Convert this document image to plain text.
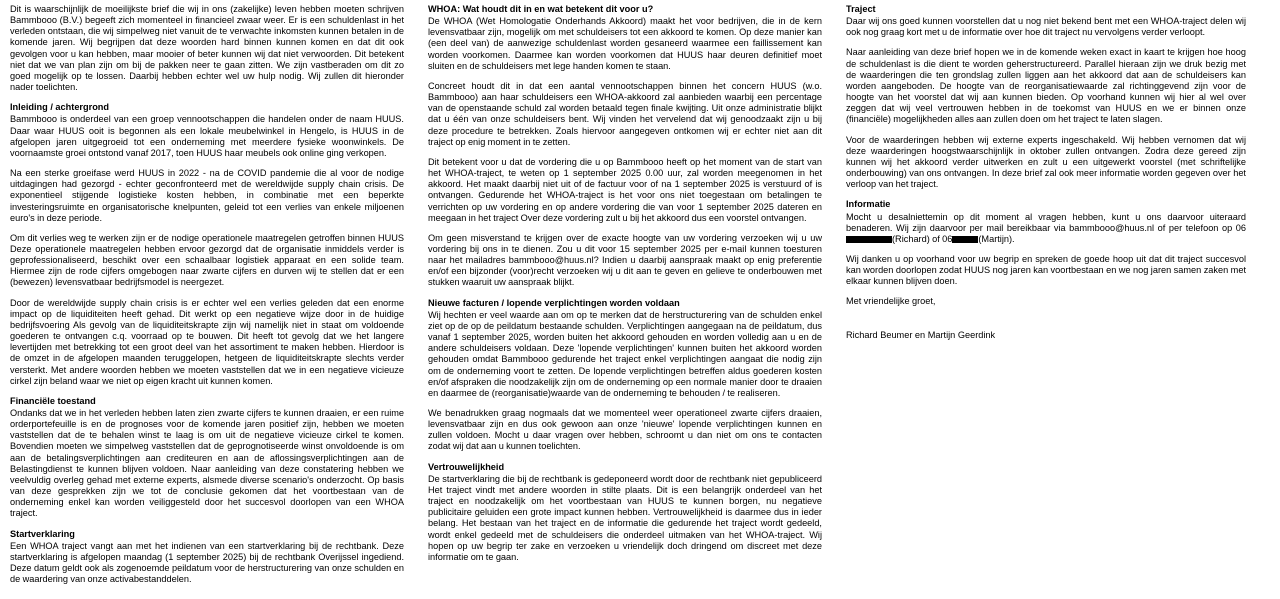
Dit is waarschijnlijk de moeilijkste brief die wij in ons (zakelijke) leven hebben moeten schrijven Bammbooo (B.V.) begeeft zich momenteel in financieel zwaar weer. Er is een schuldenlast in het verleden ontstaan, die wij simpelweg niet vanuit de te verwachte inkomsten kunnen betalen in de komende jaren. Wij begrijpen dat deze woorden hard binnen kunnen komen en dat dit ook gevolgen voor u kan hebben, maar mooier of beter kunnen wij dat niet verwoorden. Dit betekent niet dat we van plan zijn om bij de pakken neer te gaan zitten. We zijn vastberaden om dit zo goed mogelijk op te lossen. Daarbij hebben echter wel uw hulp nodig. Wij zullen dit hieronder nader toelichten.

Inleiding / achtergrond

Bammbooo is onderdeel van een groep vennootschappen die handelen onder de naam HUUS. Daar waar HUUS ooit is begonnen als een lokale meubelwinkel in Hengelo, is HUUS in de afgelopen jaren uitgegroeid tot een onderneming met meerdere fysieke woonwinkels. De voornaamste groei ontstond vanaf 2017, toen HUUS haar meubels ook online ging verkopen.

Na een sterke groeifase werd HUUS in 2022 - na de COVID pandemie die al voor de nodige uitdagingen had gezorgd - echter geconfronteerd met de wereldwijde supply chain crisis. De exponentieel stijgende logistieke kosten hebben, in combinatie met een beperkte investeringsruimte en organisatorische knelpunten, geleid tot een verlies van enkele miljoenen euro's in deze periode.

Om dit verlies weg te werken zijn er de nodige operationele maatregelen getroffen binnen HUUS Deze operationele maatregelen hebben ervoor gezorgd dat de organisatie inmiddels verder is geprofessionaliseerd, beschikt over een schaalbaar logistiek apparaat en een solide team. Hiermee zijn de rode cijfers omgebogen naar zwarte cijfers en durven wij te stellen dat er een (bewezen) levensvatbaar bedrijfsmodel is neergezet.

Door de wereldwijde supply chain crisis is er echter wel een verlies geleden dat een enorme impact op de liquiditeiten heeft gehad. Dit werkt op een negatieve wijze door in de huidige bedrijfsvoering Als gevolg van de liquiditeitskrapte zijn wij namelijk niet in staat om voldoende goederen te ontvangen c.q. voorraad op te bouwen. Dit heeft tot gevolg dat we het langere levertijden met betrekking tot een groot deel van het assortiment te maken hebben. Hierdoor is de omzet in de afgelopen maanden teruggelopen, hetgeen de liquiditeitskrapte slechts verder versterkt. Met andere woorden hebben we moeten vaststellen dat we in een negatieve vicieuze cirkel zijn beland waar we niet op eigen kracht uit kunnen komen.

Financiële toestand

Ondanks dat we in het verleden hebben laten zien zwarte cijfers te kunnen draaien, er een ruime orderportefeuille is en de prognoses voor de komende jaren positief zijn, hebben we moeten vaststellen dat de te behalen winst te laag is om uit de negatieve vicieuze cirkel te komen. Bovendien moeten we simpelweg vaststellen dat de geprognotiseerde winst onvoldoende is om aan de betalingsverplichtingen aan crediteuren en aan de aflossingsverplichtingen aan de Belastingdienst te kunnen blijven voldoen. Naar aanleiding van deze constatering hebben we veelvuldig overleg gehad met externe experts, alsmede diverse scenario's onderzocht. Op basis van deze gesprekken zijn we tot de conclusie gekomen dat het voortbestaan van de onderneming enkel kan worden veiliggesteld door het succesvol doorlopen van een WHOA traject.

Startverklaring

Een WHOA traject vangt aan met het indienen van een startverklaring bij de rechtbank. Deze startverklaring is afgelopen maandag (1 september 2025) bij de rechtbank Overijssel ingediend. Deze datum geldt ook als zogenoemde peildatum voor de herstructurering van onze schulden en de waardering van onze activabestanddelen.

WHOA: Wat houdt dit in en wat betekent dit voor u?

De WHOA (Wet Homologatie Onderhands Akkoord) maakt het voor bedrijven, die in de kern levensvatbaar zijn, mogelijk om met schuldeisers tot een akkoord te komen. Op deze manier kan (een deel van) de aanwezige schuldenlast worden gesaneerd waarmee een faillissement kan worden voorkomen. Daarmee kan worden voorkomen dat HUUS haar deuren definitief moet sluiten en de schuldeisers met lege handen komen te staan.

Concreet houdt dit in dat een aantal vennootschappen binnen het concern HUUS (w.o. Bammbooo) aan haar schuldeisers een WHOA-akkoord zal aanbieden waarbij een percentage van de openstaande schuld zal worden betaald tegen finale kwijting. Uit onze administratie blijkt dat u één van onze schuldeisers bent. Wij vinden het vervelend dat wij genoodzaakt zijn u bij deze procedure te betrekken. Zoals hiervoor aangegeven ontkomen wij er echter niet aan dit traject op enig moment in te zetten.

Dit betekent voor u dat de vordering die u op Bammbooo heeft op het moment van de start van het WHOA-traject, te weten op 1 september 2025 0.00 uur, zal worden meegenomen in het akkoord. Het maakt daarbij niet uit of de factuur voor of na 1 september 2025 is verstuurd of is ontvangen. Gedurende het WHOA-traject is het voor ons niet toegestaan om betalingen te verrichten op uw vordering en op andere vordering die van voor 1 september 2025 dateren en meegaan in het traject Over deze vordering zult u bij het akkoord dus een voorstel ontvangen.

Om geen misverstand te krijgen over de exacte hoogte van uw vordering verzoeken wij u uw vordering bij ons in te dienen. Zou u dit voor 15 september 2025 per e-mail kunnen toesturen naar het mailadres bammbooo@huus.nl? Indien u daarbij aanspraak maakt op enig preferentie en/of een bijzonder (voor)recht verzoeken wij u dit aan te geven en gelieve te onderbouwen met stukken waaruit uw aanspraak blijkt.

Nieuwe facturen / lopende verplichtingen worden voldaan

Wij hechten er veel waarde aan om op te merken dat de herstructurering van de schulden enkel ziet op de op de peildatum bestaande schulden. Verplichtingen aangegaan na de peildatum, dus vanaf 1 september 2025, worden buiten het akkoord gehouden en worden volledig aan u en de andere schuldeisers voldaan. Deze 'lopende verplichtingen' kunnen buiten het akkoord worden gehouden omdat Bammbooo gedurende het traject enkel verplichtingen aangaat die nodig zijn om de onderneming voort te zetten. De lopende verplichtingen betreffen aldus goederen kosten en/of afspraken die noodzakelijk zijn om de onderneming op een normale manier door te draaien en daarmee de (reorganisatie)waarde van de onderneming te behouden / te realiseren.

We benadrukken graag nogmaals dat we momenteel weer operationeel zwarte cijfers draaien, levensvatbaar zijn en dus ook gewoon aan onze 'nieuwe' lopende verplichtingen kunnen en zullen voldoen. Mocht u daar vragen over hebben, schroomt u dan niet om ons te contacten zodat wij dat aan u kunnen toelichten.

Vertrouwelijkheid

De startverklaring die bij de rechtbank is gedeponeerd wordt door de rechtbank niet gepubliceerd Het traject vindt met andere woorden in stilte plaats. Dit is een belangrijk onderdeel van het traject en noodzakelijk om het voortbestaan van HUUS te kunnen borgen, nu negatieve publicitaire geluiden een grote impact kunnen hebben. Vertrouwelijkheid is daarmee dus in ieder belang. Het bestaan van het traject en de informatie die gedurende het traject wordt gedeeld, wordt enkel gedeeld met de schuldeisers die onderdeel uitmaken van het WHOA-traject. Wij hopen op uw begrip ter zake en verzoeken u vriendelijk doch dringend om discreet met deze informatie om te gaan.

Traject

Daar wij ons goed kunnen voorstellen dat u nog niet bekend bent met een WHOA-traject delen wij ook nog graag kort met u de informatie over hoe dit traject nu vervolgens verder verloopt.

Naar aanleiding van deze brief hopen we in de komende weken exact in kaart te krijgen hoe hoog de schuldenlast is die dient te worden geherstructureerd. Parallel hieraan zijn we druk bezig met de waarderingen die ten grondslag zullen liggen aan het akkoord dat aan de schuldeisers kan worden aangeboden. De hoogte van de reorganisatiewaarde zal richtinggevend zijn voor de hoogte van het voorstel dat wij aan kunnen bieden. Op voorhand kunnen wij hier al wel over zeggen dat wij veel vertrouwen hebben in de toekomst van HUUS en we er binnen onze (financiële) mogelijkheden alles aan zullen doen om het traject te laten slagen.

Voor de waarderingen hebben wij externe experts ingeschakeld. Wij hebben vernomen dat wij deze waarderingen hoogstwaarschijnlijk in oktober zullen ontvangen. Zodra deze gereed zijn kunnen wij het akkoord verder uitwerken en zult u een uitgewerkt voorstel (met schriftelijke onderbouwing) van ons ontvangen. In deze brief zal ook meer informatie worden gegeven over het verloop van het traject.

Informatie

Mocht u desalniettemin op dit moment al vragen hebben, kunt u ons daarvoor uiteraard benaderen. Wij zijn daarvoor per mail bereikbaar via bammbooo@huus.nl of per telefoon op 06(Richard) of 06	(Martijn).

Wij danken u op voorhand voor uw begrip en spreken de goede hoop uit dat dit traject succesvol kan worden doorlopen zodat HUUS nog jaren kan voortbestaan en we nog jaren samen zaken met elkaar kunnen blijven doen.

Met vriendelijke groet,

Richard Beumer en Martijn Geerdink
